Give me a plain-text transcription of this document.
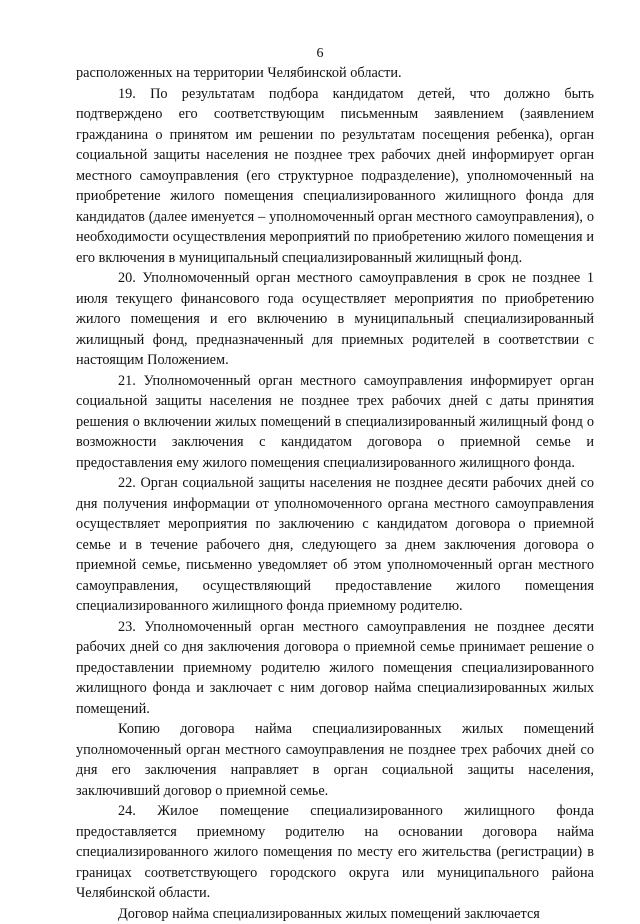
6

расположенных на территории Челябинской области.

19. По результатам подбора кандидатом детей, что должно быть подтверждено его соответствующим письменным заявлением (заявлением гражданина о принятом им решении по результатам посещения ребенка), орган социальной защиты населения не позднее трех рабочих дней информирует орган местного самоуправления (его структурное подразделение), уполномоченный на приобретение жилого помещения специализированного жилищного фонда для кандидатов (далее именуется – уполномоченный орган местного самоуправления), о необходимости осуществления мероприятий по приобретению жилого помещения и его включения в муниципальный специализированный жилищный фонд.

20. Уполномоченный орган местного самоуправления в срок не позднее 1 июля текущего финансового года осуществляет мероприятия по приобретению жилого помещения и его включению в муниципальный специализированный жилищный фонд, предназначенный для приемных родителей в соответствии с настоящим Положением.

21. Уполномоченный орган местного самоуправления информирует орган социальной защиты населения не позднее трех рабочих дней с даты принятия решения о включении жилых помещений в специализированный жилищный фонд о возможности заключения с кандидатом договора о приемной семье и предоставления ему жилого помещения специализированного жилищного фонда.

22. Орган социальной защиты населения не позднее десяти рабочих дней со дня получения информации от уполномоченного органа местного самоуправления осуществляет мероприятия по заключению с кандидатом договора о приемной семье и в течение рабочего дня, следующего за днем заключения договора о приемной семье, письменно уведомляет об этом уполномоченный орган местного самоуправления, осуществляющий предоставление жилого помещения специализированного жилищного фонда приемному родителю.

23. Уполномоченный орган местного самоуправления не позднее десяти рабочих дней со дня заключения договора о приемной семье принимает решение о предоставлении приемному родителю жилого помещения специализированного жилищного фонда и заключает с ним договор найма специализированных жилых помещений.

Копию договора найма специализированных жилых помещений уполномоченный орган местного самоуправления не позднее трех рабочих дней со дня его заключения направляет в орган социальной защиты населения, заключивший договор о приемной семье.

24. Жилое помещение специализированного жилищного фонда предоставляется приемному родителю на основании договора найма специализированного жилого помещения по месту его жительства (регистрации) в границах соответствующего городского округа или муниципального района Челябинской области.

Договор найма специализированных жилых помещений заключается
